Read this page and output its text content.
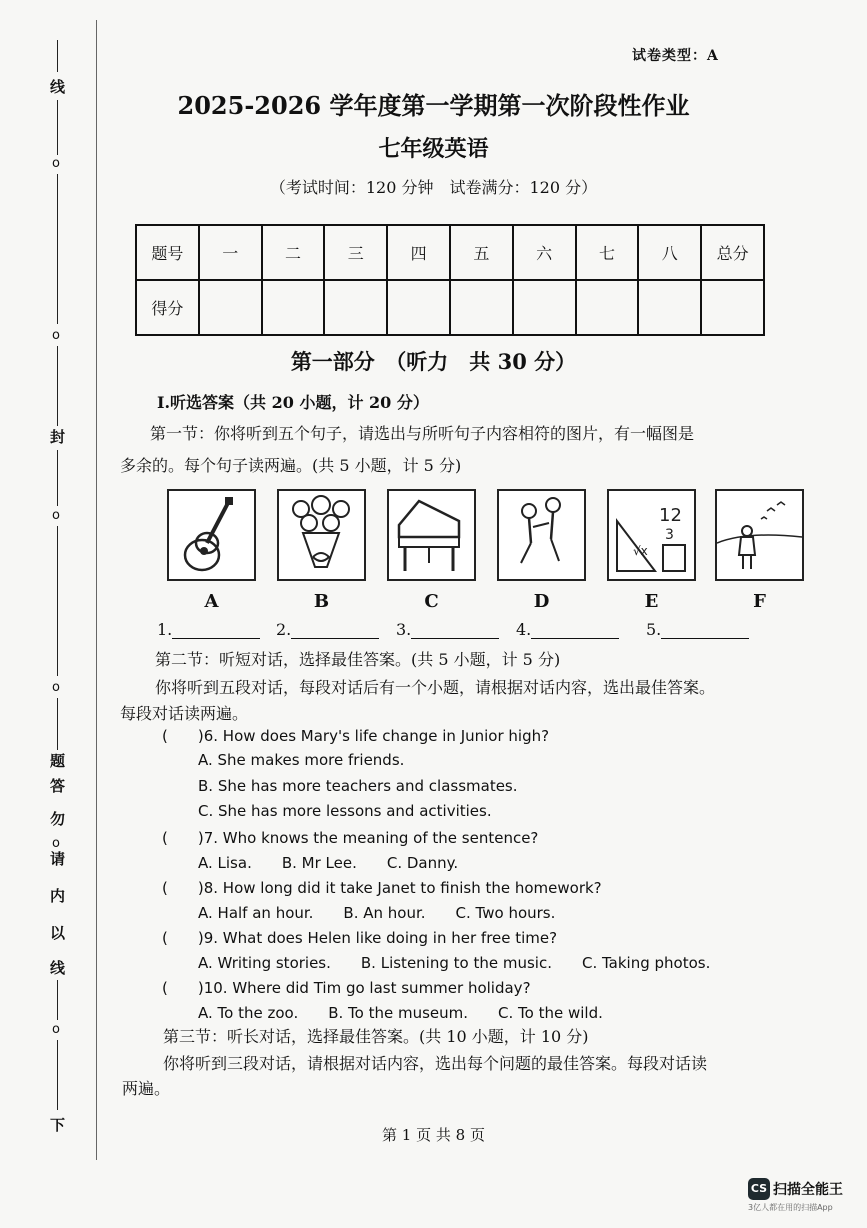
线
o
o
封
o
o
题
答
勿
o
请
内
以
线
o
下
试卷类型：A
2025-2026 学年度第一学期第一次阶段性作业
七年级英语
（考试时间：120 分钟　试卷满分：120 分）
题号	一	二	三	四	五	六	七	八	总分
得分									
第一部分　（听力　共 30 分）
Ⅰ.听选答案（共 20 小题，计 20 分）
第一节：你将听到五个句子，请选出与所听句子内容相符的图片，有一幅图是
多余的。每个句子读两遍。(共 5 小题，计 5 分)
A	B	C	D
12
3
√x
E	F
1.	2.	3.	4.	5.
第二节：听短对话，选择最佳答案。(共 5 小题，计 5 分)
你将听到五段对话，每段对话后有一个小题，请根据对话内容，选出最佳答案。
每段对话读两遍。
(　　)6. How does Mary's life change in Junior high?
A. She makes more friends.
B. She has more teachers and classmates.
C. She has more lessons and activities.
(　　)7. Who knows the meaning of the sentence?
A. Lisa.　　B. Mr Lee.　　C. Danny.
(　　)8. How long did it take Janet to finish the homework?
A. Half an hour.　　B. An hour.　　C. Two hours.
(　　)9. What does Helen like doing in her free time?
A. Writing stories.　　B. Listening to the music.　　C. Taking photos.
(　　)10. Where did Tim go last summer holiday?
A. To the zoo.　　B. To the museum.　　C. To the wild.
第三节：听长对话，选择最佳答案。(共 10 小题，计 10 分)
你将听到三段对话，请根据对话内容，选出每个问题的最佳答案。每段对话读
两遍。
第 1 页 共 8 页
CS 扫描全能王
3亿人都在用的扫描App
